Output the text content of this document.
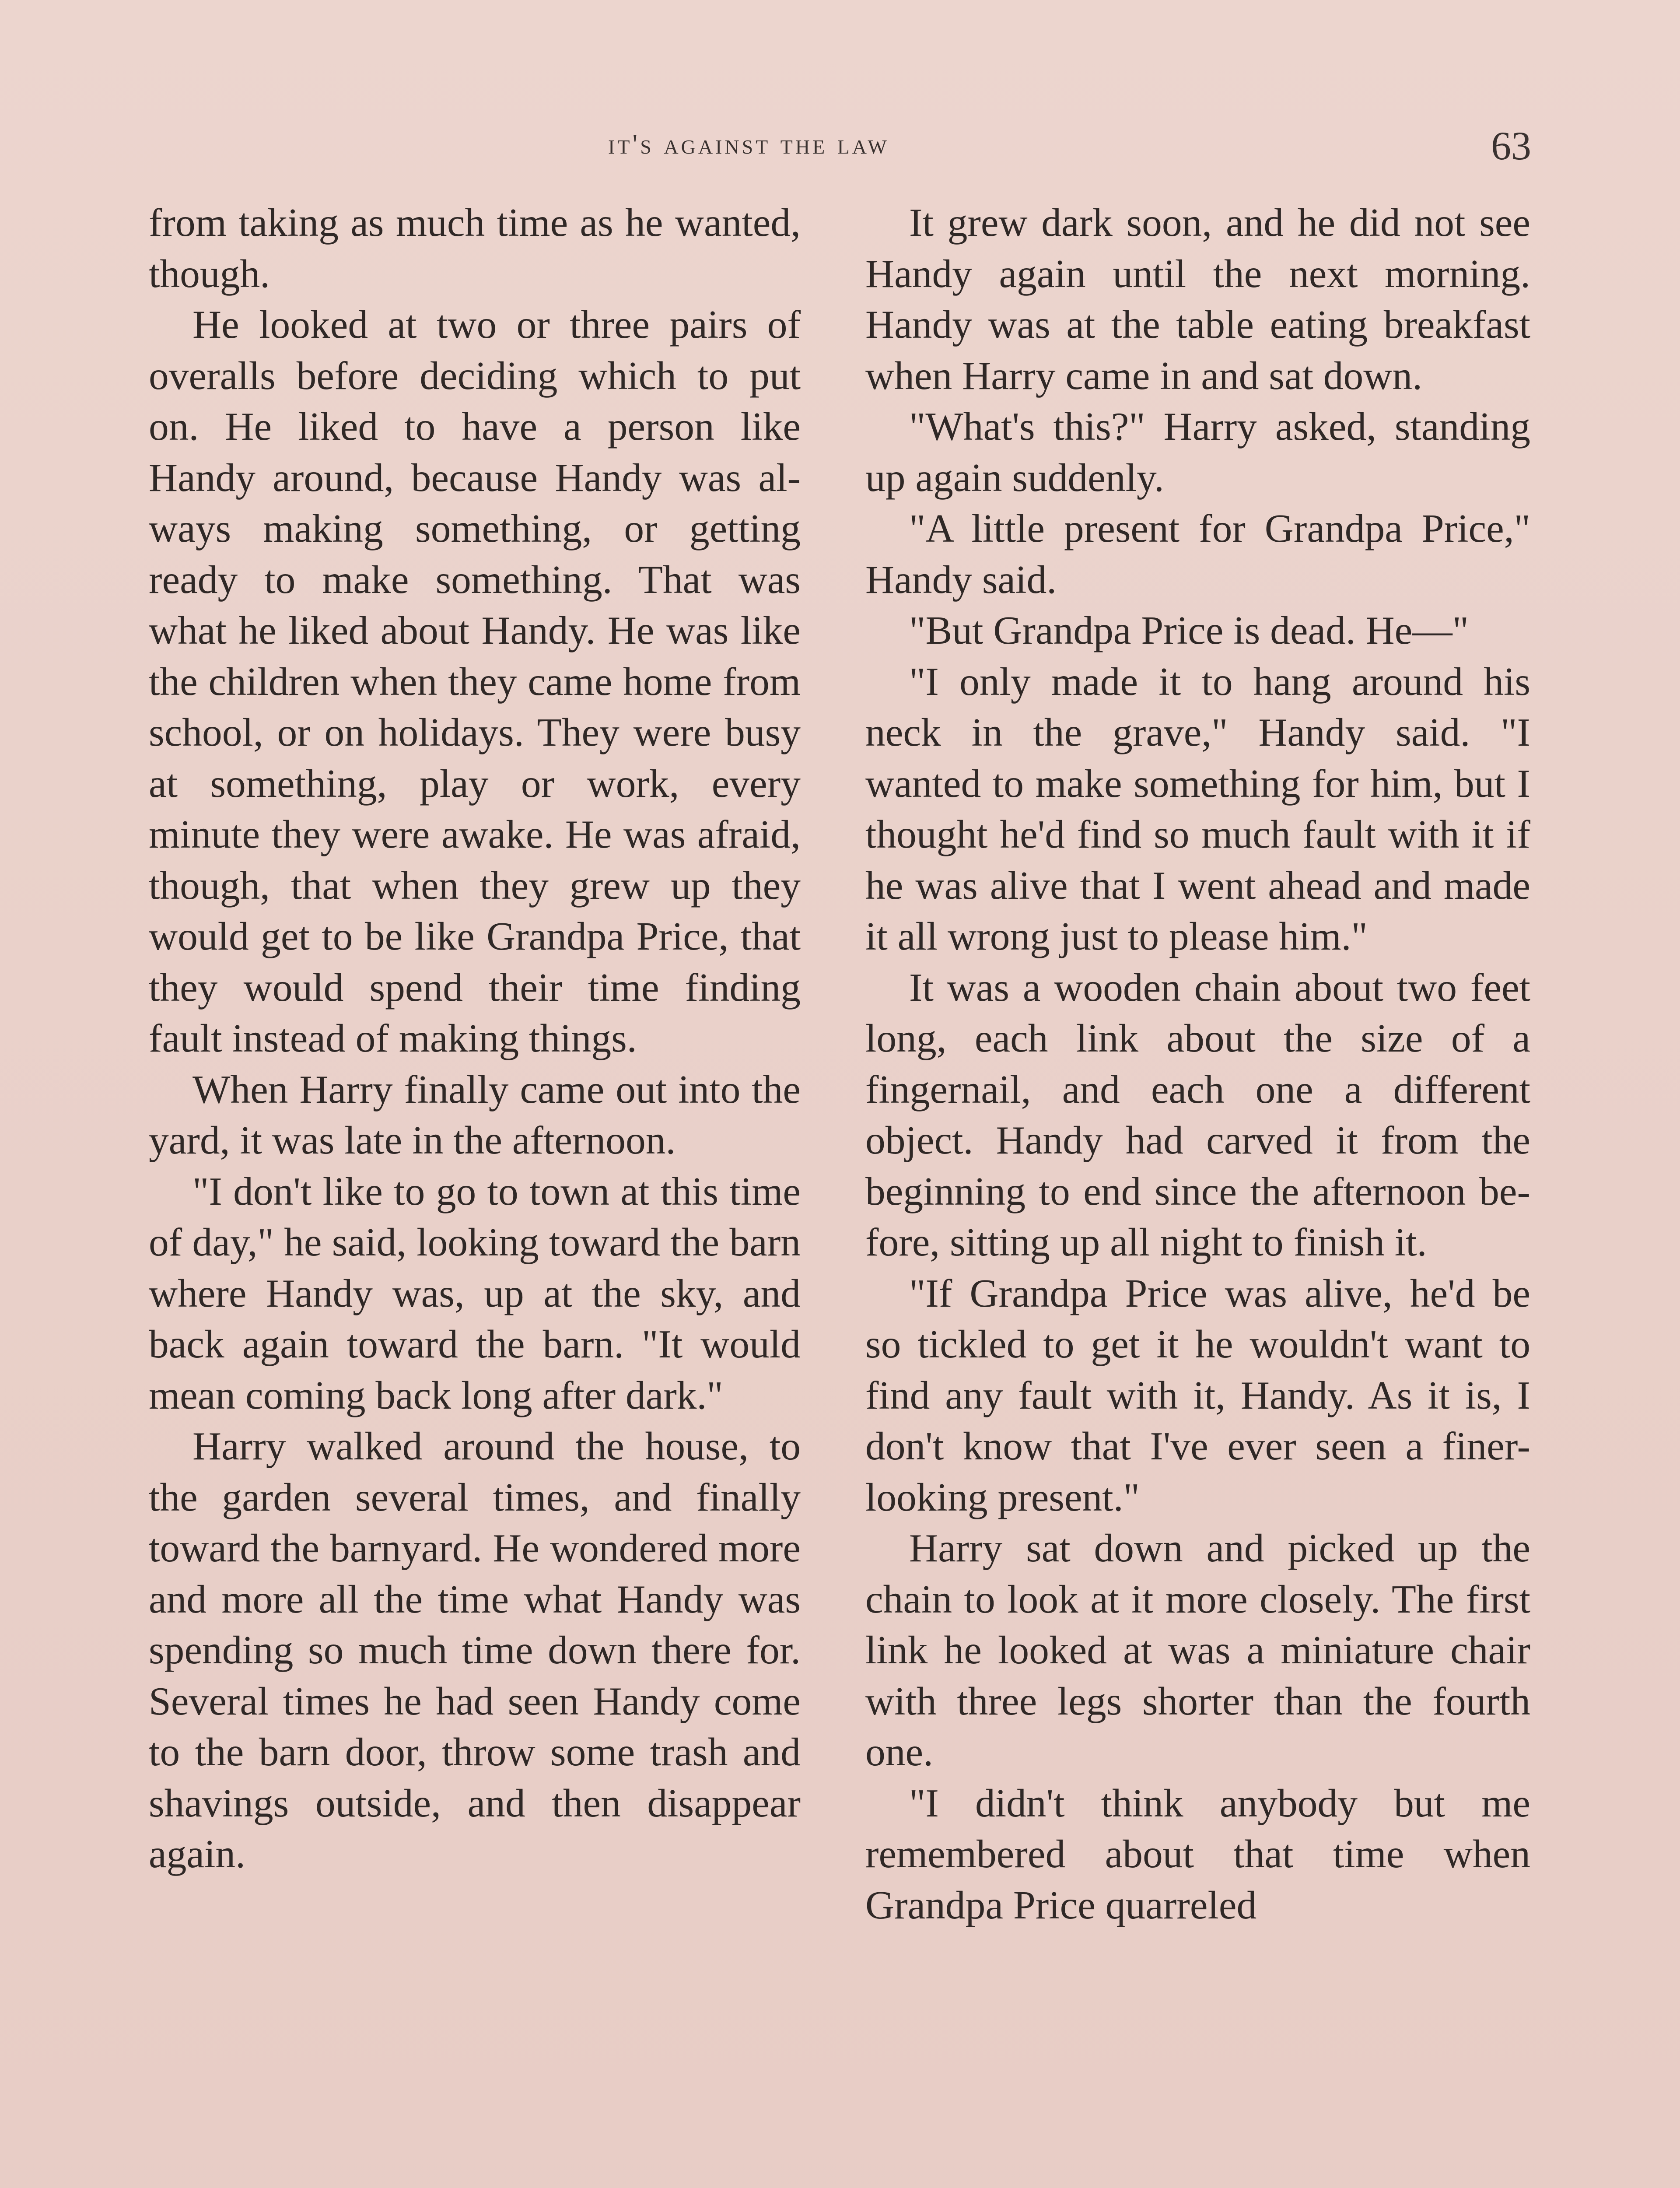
it's against the law	63

from taking as much time as he wanted, though.

He looked at two or three pairs of overalls before deciding which to put on. He liked to have a person like Handy around, because Handy was always making something, or getting ready to make something. That was what he liked about Handy. He was like the children when they came home from school, or on holidays. They were busy at something, play or work, every minute they were awake. He was afraid, though, that when they grew up they would get to be like Grandpa Price, that they would spend their time finding fault instead of making things.

When Harry finally came out into the yard, it was late in the afternoon.

"I don't like to go to town at this time of day," he said, looking toward the barn where Handy was, up at the sky, and back again toward the barn. "It would mean coming back long after dark."

Harry walked around the house, to the garden several times, and finally toward the barnyard. He wondered more and more all the time what Handy was spending so much time down there for. Several times he had seen Handy come to the barn door, throw some trash and shavings outside, and then disappear again.

It grew dark soon, and he did not see Handy again until the next morning. Handy was at the table eating breakfast when Harry came in and sat down.

"What's this?" Harry asked, standing up again suddenly.

"A little present for Grandpa Price," Handy said.

"But Grandpa Price is dead. He—"

"I only made it to hang around his neck in the grave," Handy said. "I wanted to make something for him, but I thought he'd find so much fault with it if he was alive that I went ahead and made it all wrong just to please him."

It was a wooden chain about two feet long, each link about the size of a fingernail, and each one a different object. Handy had carved it from the beginning to end since the afternoon before, sitting up all night to finish it.

"If Grandpa Price was alive, he'd be so tickled to get it he wouldn't want to find any fault with it, Handy. As it is, I don't know that I've ever seen a finer-looking present."

Harry sat down and picked up the chain to look at it more closely. The first link he looked at was a miniature chair with three legs shorter than the fourth one.

"I didn't think anybody but me remembered about that time when Grandpa Price quarreled
